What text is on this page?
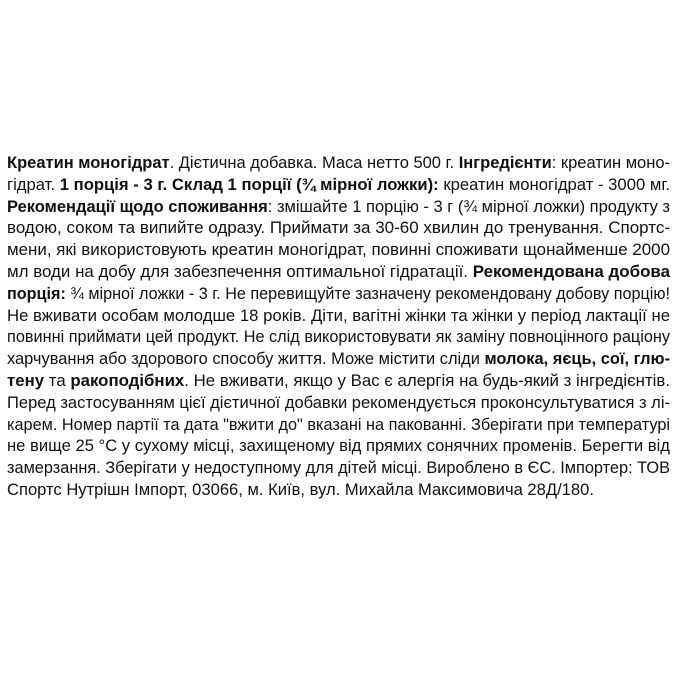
Креатин моногідрат. Дієтична добавка. Маса нетто 500 г. Інгредієнти: креатин моно-
гідрат. 1 порція - 3 г. Склад 1 порції (¾ мірної ложки): креатин моногідрат - 3000 мг.
Рекомендації щодо споживання: змішайте 1 порцію - 3 г (¾ мірної ложки) продукту з
водою, соком та випийте одразу. Приймати за 30-60 хвилин до тренування. Спортс-
мени, які використовують креатин моногідрат, повинні споживати щонайменше 2000
мл води на добу для забезпечення оптимальної гідратації. Рекомендована добова
порція: ¾ мірної ложки - 3 г. Не перевищуйте зазначену рекомендовану добову порцію!
Не вживати особам молодше 18 років. Діти, вагітні жінки та жінки у період лактації не
повинні приймати цей продукт. Не слід використовувати як заміну повноцінного раціону
харчування або здорового способу життя. Може містити сліди молока, яєць, сої, глю-
тену та ракоподібних. Не вживати, якщо у Вас є алергія на будь-який з інгредієнтів.
Перед застосуванням цієї дієтичної добавки рекомендується проконсультуватися з лі-
карем. Номер партії та дата "вжити до" вказані на пакованні. Зберігати при температурі
не вище 25 °С у сухому місці, захищеному від прямих сонячних променів. Берегти від
замерзання. Зберігати у недоступному для дітей місці. Вироблено в ЄС. Імпортер: ТОВ
Спортс Нутрішн Імпорт, 03066, м. Київ, вул. Михайла Максимовича 28Д/180.
